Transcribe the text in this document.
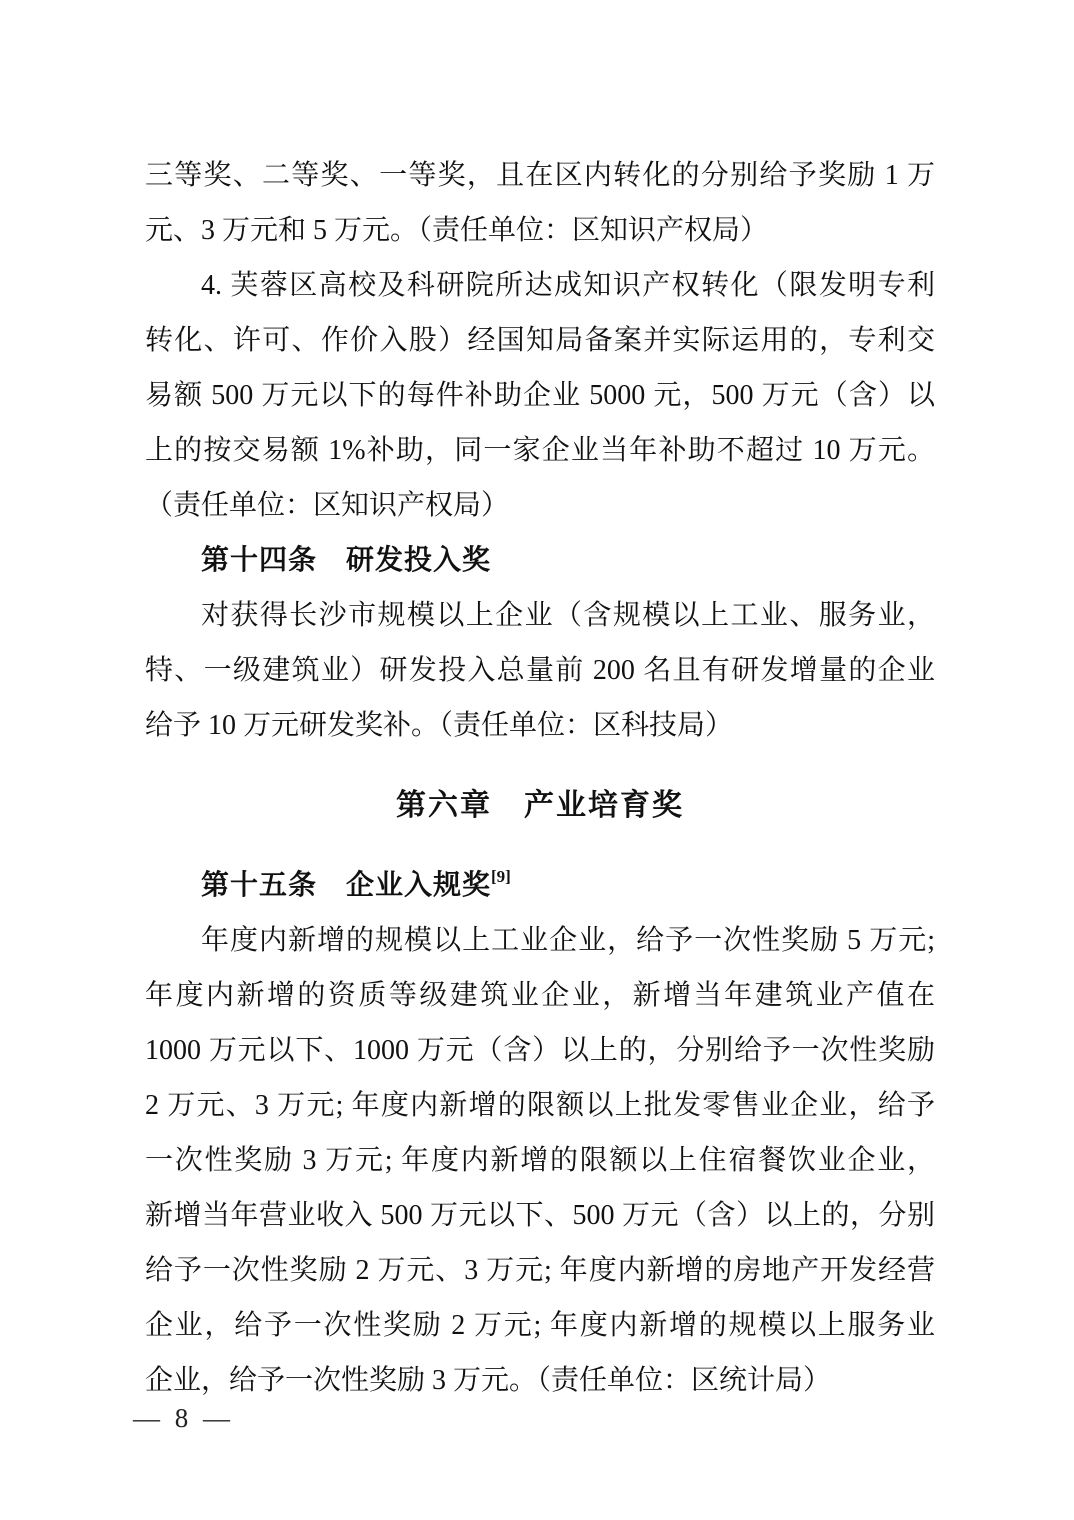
三等奖、二等奖、一等奖，且在区内转化的分别给予奖励 1 万
元、3 万元和 5 万元。（责任单位：区知识产权局）
4. 芙蓉区高校及科研院所达成知识产权转化（限发明专利
转化、许可、作价入股）经国知局备案并实际运用的，专利交
易额 500 万元以下的每件补助企业 5000 元，500 万元（含）以
上的按交易额 1%补助，同一家企业当年补助不超过 10 万元。
（责任单位：区知识产权局）
第十四条　研发投入奖
对获得长沙市规模以上企业（含规模以上工业、服务业，
特、一级建筑业）研发投入总量前 200 名且有研发增量的企业
给予 10 万元研发奖补。（责任单位：区科技局）
第六章　产业培育奖
第十五条　企业入规奖[9]
年度内新增的规模以上工业企业，给予一次性奖励 5 万元;
年度内新增的资质等级建筑业企业，新增当年建筑业产值在
1000 万元以下、1000 万元（含）以上的，分别给予一次性奖励
2 万元、3 万元; 年度内新增的限额以上批发零售业企业，给予
一次性奖励 3 万元; 年度内新增的限额以上住宿餐饮业企业，
新增当年营业收入 500 万元以下、500 万元（含）以上的，分别
给予一次性奖励 2 万元、3 万元; 年度内新增的房地产开发经营
企业，给予一次性奖励 2 万元; 年度内新增的规模以上服务业
企业，给予一次性奖励 3 万元。（责任单位：区统计局）
— 8 —
